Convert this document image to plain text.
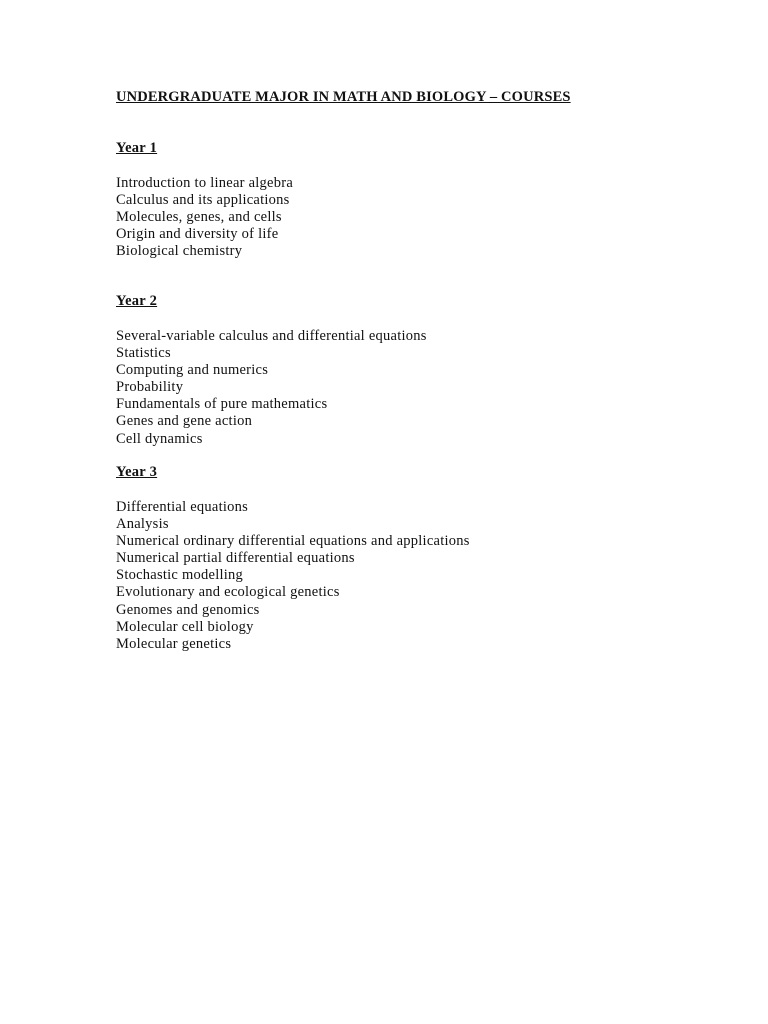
UNDERGRADUATE MAJOR IN MATH AND BIOLOGY – COURSES
Year 1
Introduction to linear algebra
Calculus and its applications
Molecules, genes, and cells
Origin and diversity of life
Biological chemistry
Year 2
Several-variable calculus and differential equations
Statistics
Computing and numerics
Probability
Fundamentals of pure mathematics
Genes and gene action
Cell dynamics
Year 3
Differential equations
Analysis
Numerical ordinary differential equations and applications
Numerical partial differential equations
Stochastic modelling
Evolutionary and ecological genetics
Genomes and genomics
Molecular cell biology
Molecular genetics
